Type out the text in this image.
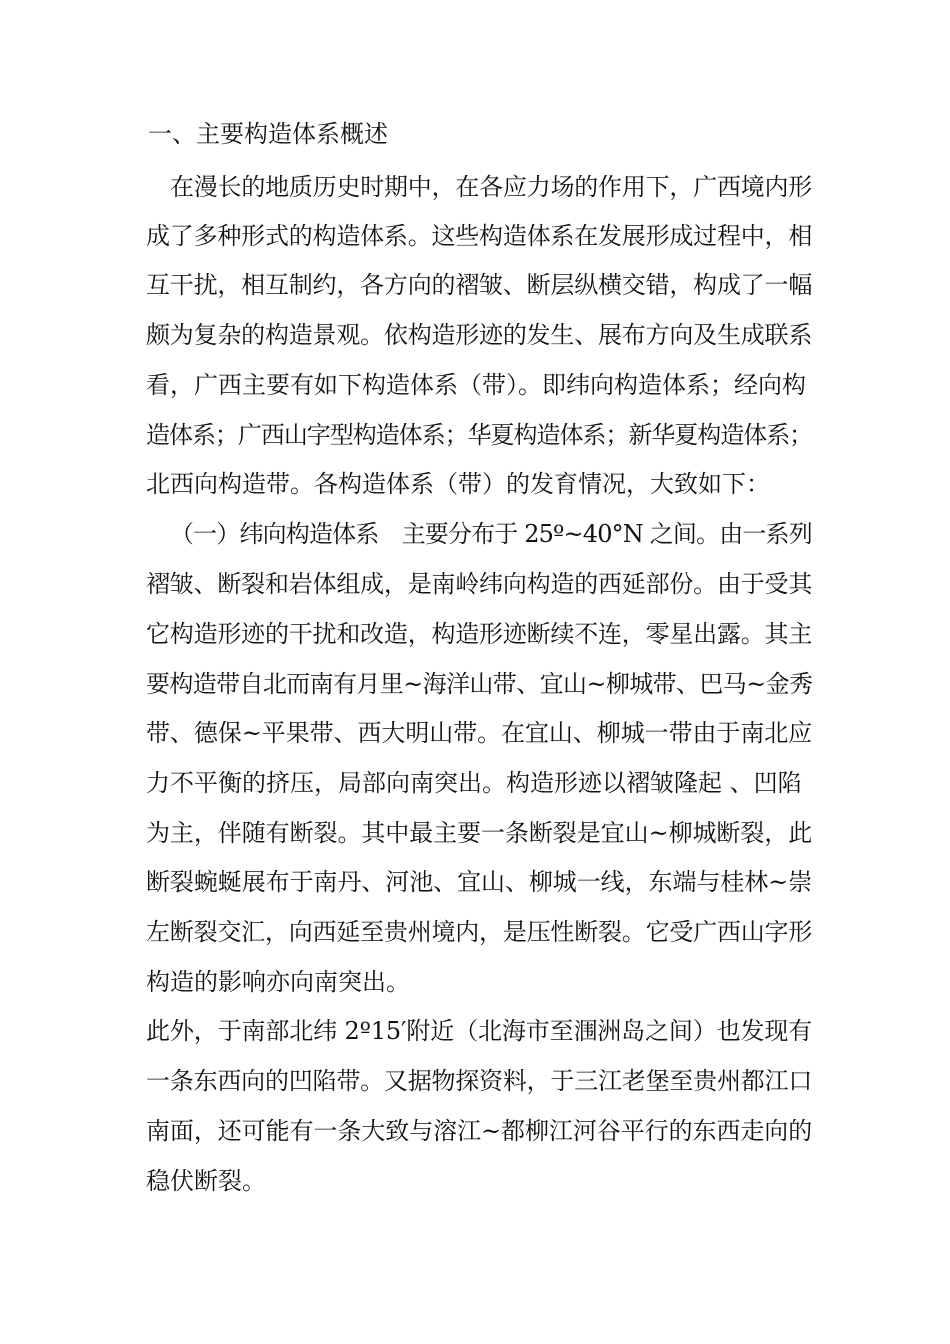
一、主要构造体系概述
在漫长的地质历史时期中，在各应力场的作用下，广西境内形
成了多种形式的构造体系。这些构造体系在发展形成过程中，相
互干扰，相互制约，各方向的褶皱、断层纵横交错，构成了一幅
颇为复杂的构造景观。依构造形迹的发生、展布方向及生成联系
看，广西主要有如下构造体系（带）。即纬向构造体系；经向构
造体系；广西山字型构造体系；华夏构造体系；新华夏构造体系；
北西向构造带。各构造体系（带）的发育情况，大致如下：
（一）纬向构造体系　主要分布于 25º~40°N 之间。由一系列
褶皱、断裂和岩体组成，是南岭纬向构造的西延部份。由于受其
它构造形迹的干扰和改造，构造形迹断续不连，零星出露。其主
要构造带自北而南有月里~海洋山带、宜山~柳城带、巴马~金秀
带、德保~平果带、西大明山带。在宜山、柳城一带由于南北应
力不平衡的挤压，局部向南突出。构造形迹以褶皱隆起 、凹陷
为主，伴随有断裂。其中最主要一条断裂是宜山~柳城断裂，此
断裂蜿蜒展布于南丹、河池、宜山、柳城一线，东端与桂林~崇
左断裂交汇，向西延至贵州境内，是压性断裂。它受广西山字形
构造的影响亦向南突出。
此外，于南部北纬 2º15′附近（北海市至涠洲岛之间）也发现有
一条东西向的凹陷带。又据物探资料，于三江老堡至贵州都江口
南面，还可能有一条大致与溶江~都柳江河谷平行的东西走向的
稳伏断裂。
